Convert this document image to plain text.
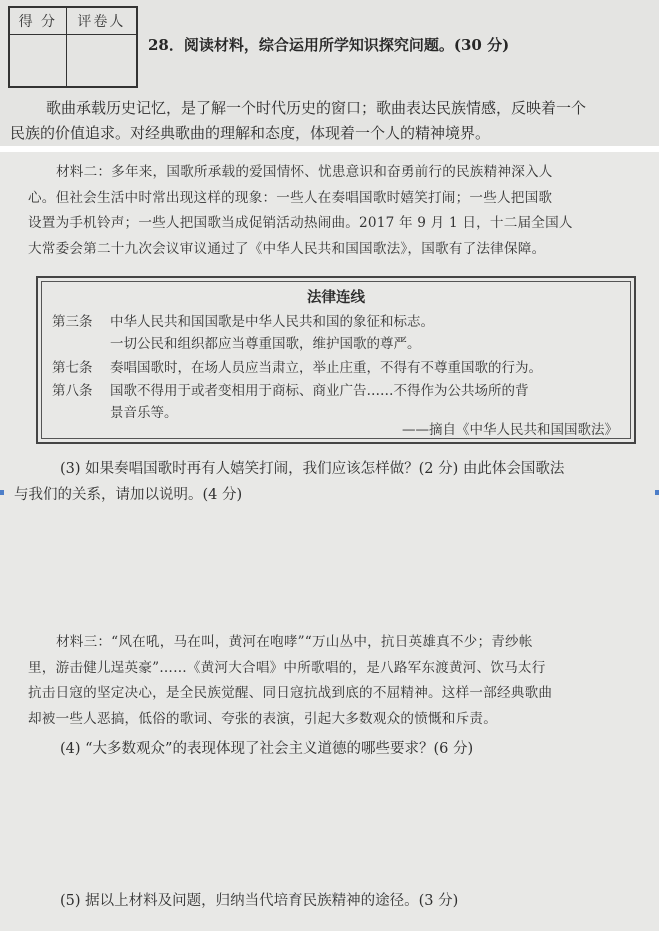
得 分	评卷人

28．阅读材料，综合运用所学知识探究问题。(30 分)
歌曲承载历史记忆，是了解一个时代历史的窗口；歌曲表达民族情感，反映着一个
民族的价值追求。对经典歌曲的理解和态度，体现着一个人的精神境界。
材料二：多年来，国歌所承载的爱国情怀、忧患意识和奋勇前行的民族精神深入人
心。但社会生活中时常出现这样的现象：一些人在奏唱国歌时嬉笑打闹；一些人把国歌
设置为手机铃声；一些人把国歌当成促销活动热闹曲。2017 年 9 月 1 日，十二届全国人
大常委会第二十九次会议审议通过了《中华人民共和国国歌法》，国歌有了法律保障。
法律连线
第三条 中华人民共和国国歌是中华人民共和国的象征和标志。
一切公民和组织都应当尊重国歌，维护国歌的尊严。
第七条 奏唱国歌时，在场人员应当肃立，举止庄重，不得有不尊重国歌的行为。
第八条 国歌不得用于或者变相用于商标、商业广告……不得作为公共场所的背
景音乐等。
——摘自《中华人民共和国国歌法》
(3) 如果奏唱国歌时再有人嬉笑打闹，我们应该怎样做？(2 分) 由此体会国歌法
与我们的关系，请加以说明。(4 分)
材料三：“风在吼，马在叫，黄河在咆哮”“万山丛中，抗日英雄真不少；青纱帐
里，游击健儿逞英豪”……《黄河大合唱》中所歌唱的，是八路军东渡黄河、饮马太行
抗击日寇的坚定决心，是全民族觉醒、同日寇抗战到底的不屈精神。这样一部经典歌曲
却被一些人恶搞，低俗的歌词、夸张的表演，引起大多数观众的愤慨和斥责。
(4) “大多数观众”的表现体现了社会主义道德的哪些要求？(6 分)
(5) 据以上材料及问题，归纳当代培育民族精神的途径。(3 分)
